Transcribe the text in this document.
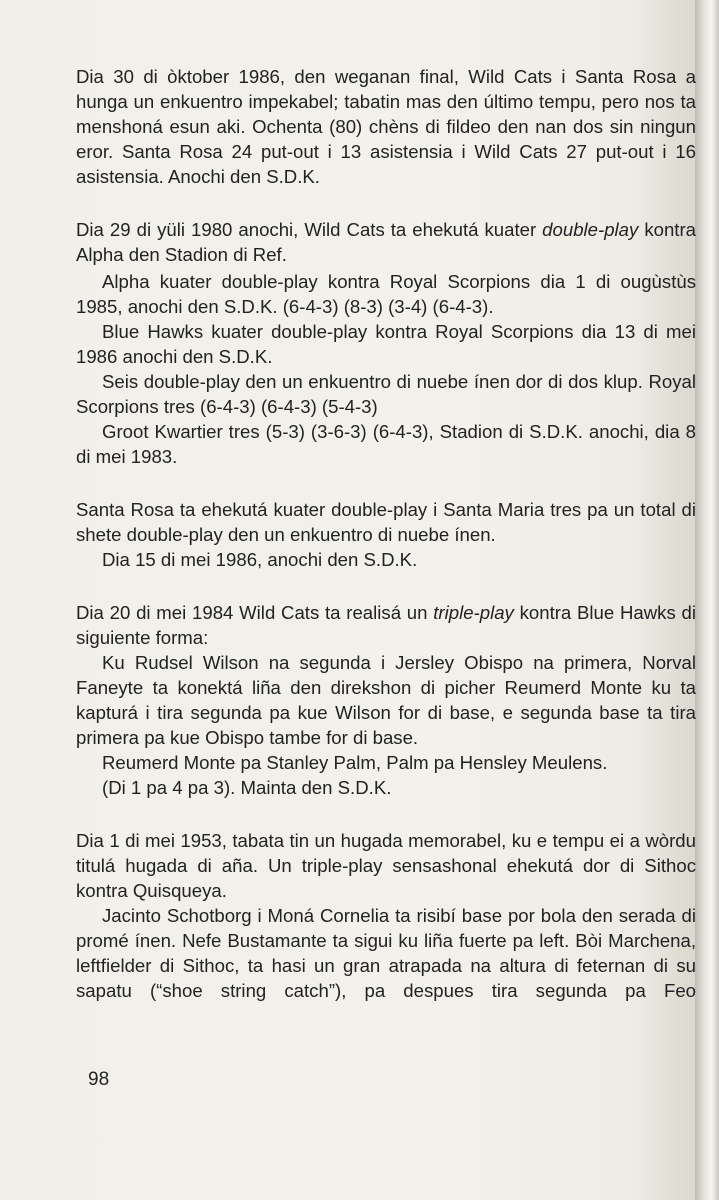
Dia 30 di òktober 1986, den weganan final, Wild Cats i Santa Rosa a hunga un enkuentro impekabel; tabatin mas den último tempu, pero nos ta menshoná esun aki. Ochenta (80) chèns di fildeo den nan dos sin ningun eror. Santa Rosa 24 put-out i 13 asistensia i Wild Cats 27 put-out i 16 asistensia. Anochi den S.D.K.

Dia 29 di yüli 1980 anochi, Wild Cats ta ehekutá kuater double-play kontra Alpha den Stadion di Ref.

Alpha kuater double-play kontra Royal Scorpions dia 1 di ougùstùs 1985, anochi den S.D.K. (6-4-3) (8-3) (3-4) (6-4-3).

Blue Hawks kuater double-play kontra Royal Scorpions dia 13 di mei 1986 anochi den S.D.K.

Seis double-play den un enkuentro di nuebe ínen dor di dos klup. Royal Scorpions tres (6-4-3) (6-4-3) (5-4-3)

Groot Kwartier tres (5-3) (3-6-3) (6-4-3), Stadion di S.D.K. anochi, dia 8 di mei 1983.

Santa Rosa ta ehekutá kuater double-play i Santa Maria tres pa un total di shete double-play den un enkuentro di nuebe ínen.

Dia 15 di mei 1986, anochi den S.D.K.

Dia 20 di mei 1984 Wild Cats ta realisá un triple-play kontra Blue Hawks di siguiente forma:

Ku Rudsel Wilson na segunda i Jersley Obispo na primera, Norval Faneyte ta konektá liña den direkshon di picher Reumerd Monte ku ta kapturá i tira segunda pa kue Wilson for di base, e segunda base ta tira primera pa kue Obispo tambe for di base.

Reumerd Monte pa Stanley Palm, Palm pa Hensley Meulens.

(Di 1 pa 4 pa 3). Mainta den S.D.K.

Dia 1 di mei 1953, tabata tin un hugada memorabel, ku e tempu ei a wòrdu titulá hugada di aña. Un triple-play sensashonal ehekutá dor di Sithoc kontra Quisqueya.

Jacinto Schotborg i Moná Cornelia ta risibí base por bola den serada di promé ínen. Nefe Bustamante ta sigui ku liña fuerte pa left. Bòi Marchena, leftfielder di Sithoc, ta hasi un gran atrapada na altura di feternan di su sapatu (“shoe string catch”), pa despues tira segunda pa Feo

98
